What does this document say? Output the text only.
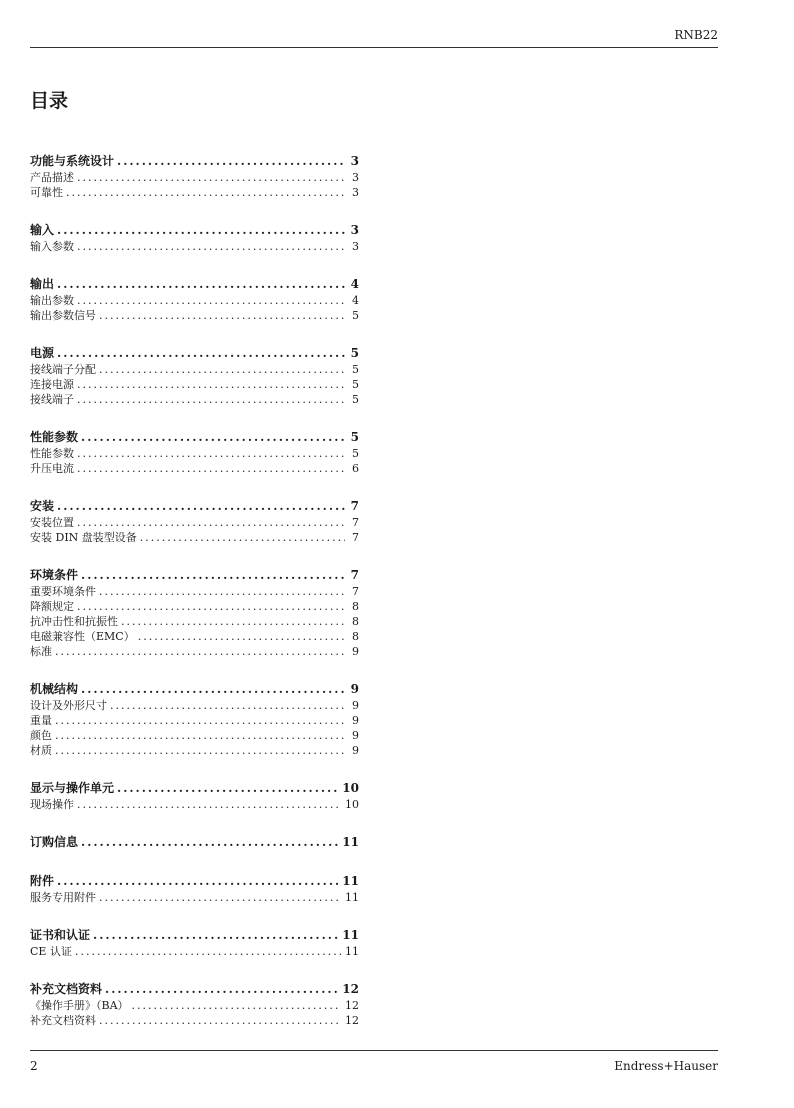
RNB22
目录
功能与系统设计 .....	3
产品描述 .....	3
可靠性 .....	3
输入 .....	3
输入参数 .....	3
输出 .....	4
输出参数 .....	4
输出参数信号 .....	5
电源 .....	5
接线端子分配 .....	5
连接电源 .....	5
接线端子 .....	5
性能参数 .....	5
性能参数 .....	5
升压电流 .....	6
安装 .....	7
安装位置 .....	7
安装 DIN 盘装型设备 .....	7
环境条件 .....	7
重要环境条件 .....	7
降额规定 .....	8
抗冲击性和抗振性 .....	8
电磁兼容性（EMC） .....	8
标准 .....	9
机械结构 .....	9
设计及外形尺寸 .....	9
重量 .....	9
颜色 .....	9
材质 .....	9
显示与操作单元 .....	10
现场操作 .....	10
订购信息 .....	11
附件 .....	11
服务专用附件 .....	11
证书和认证 .....	11
CE 认证 .....	11
补充文档资料 .....	12
《操作手册》（BA） .....	12
补充文档资料 .....	12
2	Endress+Hauser
